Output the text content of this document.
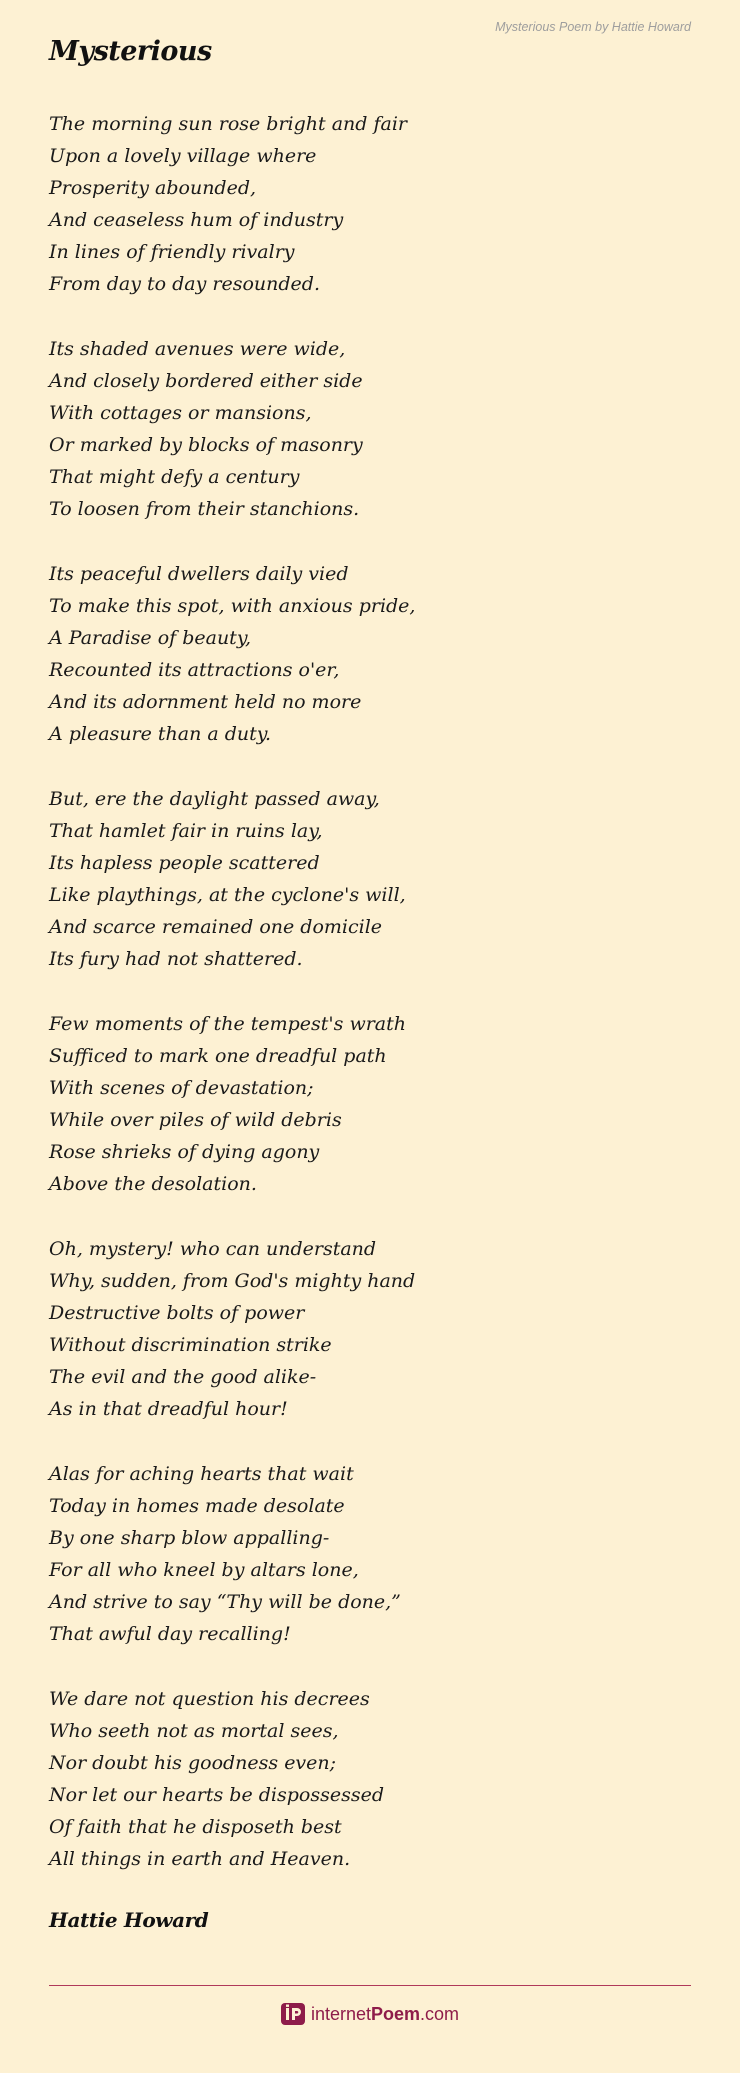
Mysterious Poem by Hattie Howard
Mysterious
The morning sun rose bright and fair
Upon a lovely village where
Prosperity abounded,
And ceaseless hum of industry
In lines of friendly rivalry
From day to day resounded.
Its shaded avenues were wide,
And closely bordered either side
With cottages or mansions,
Or marked by blocks of masonry
That might defy a century
To loosen from their stanchions.
Its peaceful dwellers daily vied
To make this spot, with anxious pride,
A Paradise of beauty,
Recounted its attractions o'er,
And its adornment held no more
A pleasure than a duty.
But, ere the daylight passed away,
That hamlet fair in ruins lay,
Its hapless people scattered
Like playthings, at the cyclone's will,
And scarce remained one domicile
Its fury had not shattered.
Few moments of the tempest's wrath
Sufficed to mark one dreadful path
With scenes of devastation;
While over piles of wild debris
Rose shrieks of dying agony
Above the desolation.
Oh, mystery! who can understand
Why, sudden, from God's mighty hand
Destructive bolts of power
Without discrimination strike
The evil and the good alike-
As in that dreadful hour!
Alas for aching hearts that wait
Today in homes made desolate
By one sharp blow appalling-
For all who kneel by altars lone,
And strive to say “Thy will be done,”
That awful day recalling!
We dare not question his decrees
Who seeth not as mortal sees,
Nor doubt his goodness even;
Nor let our hearts be dispossessed
Of faith that he disposeth best
All things in earth and Heaven.
Hattie Howard
internetPoem.com
